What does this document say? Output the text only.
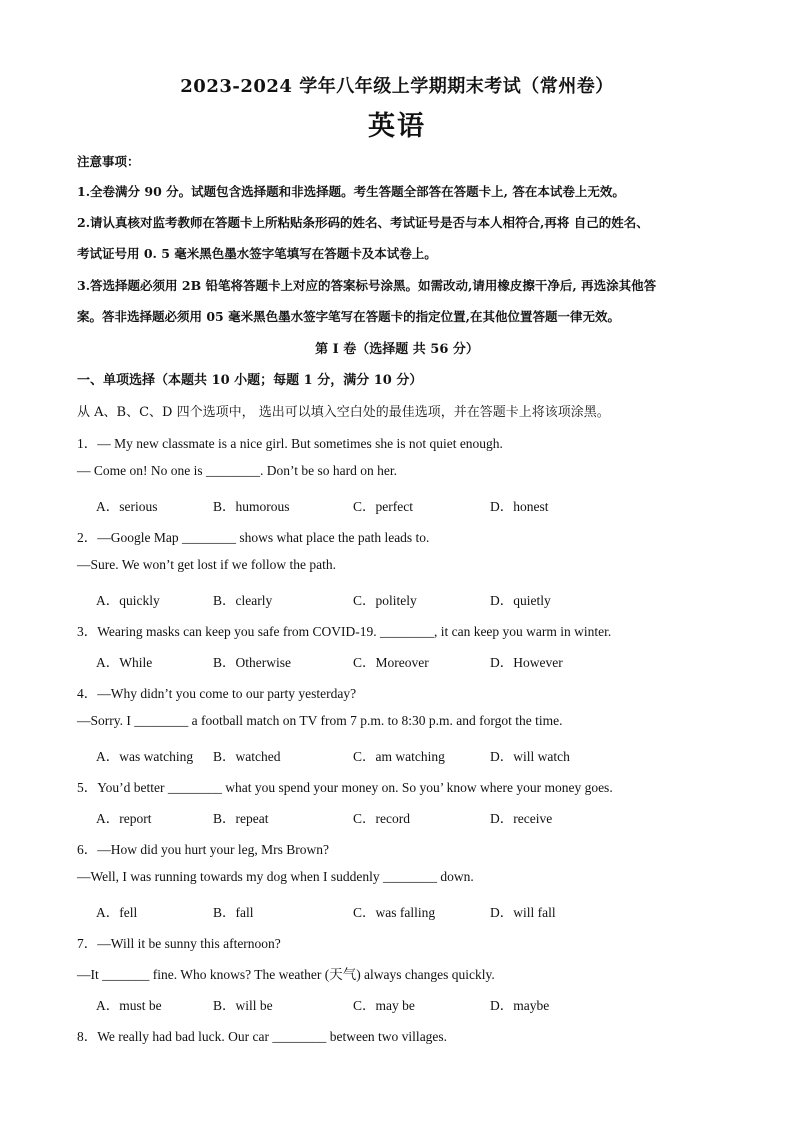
2023-2024 学年八年级上学期期末考试（常州卷）
英语
注意事项：
1.全卷满分 90 分。试题包含选择题和非选择题。考生答题全部答在答题卡上, 答在本试卷上无效。
2.请认真核对监考教师在答题卡上所粘贴条形码的姓名、考试证号是否与本人相符合,再将 自己的姓名、
考试证号用 0. 5 毫米黑色墨水签字笔填写在答题卡及本试卷上。
3.答选择题必须用 2B 铅笔将答题卡上对应的答案标号涂黑。如需改动,请用橡皮擦干净后, 再选涂其他答
案。答非选择题必须用 05 毫米黑色墨水签字笔写在答题卡的指定位置,在其他位置答题一律无效。
第 I 卷（选择题 共 56 分）
一、单项选择（本题共 10 小题；每题 1 分，满分 10 分）
从 A、B、C、D 四个选项中， 选出可以填入空白处的最佳选项，并在答题卡上将该项涂黑。
1．— My new classmate is a nice girl. But sometimes she is not quiet enough.
— Come on! No one is ________. Don’t be so hard on her.
A．serious	B．humorous	C．perfect	D．honest
2．—Google Map ________ shows what place the path leads to.
—Sure. We won’t get lost if we follow the path.
A．quickly	B．clearly	C．politely	D．quietly
3．Wearing masks can keep you safe from COVID-19. ________, it can keep you warm in winter.
A．While	B．Otherwise	C．Moreover	D．However
4．—Why didn’t you come to our party yesterday?
—Sorry. I ________ a football match on TV from 7 p.m. to 8:30 p.m. and forgot the time.
A．was watching B．watched	C．am watching	D．will watch
5．You’d better ________ what you spend your money on. So you’ know where your money goes.
A．report	B．repeat	C．record	D．receive
6．—How did you hurt your leg, Mrs Brown?
—Well, I was running towards my dog when I suddenly ________ down.
A．fell	B．fall	C．was falling	D．will fall
7．—Will it be sunny this afternoon?
—It _______ fine. Who knows? The weather (天气) always changes quickly.
A．must be	B．will be	C．may be	D．maybe
8．We really had bad luck. Our car ________ between two villages.
